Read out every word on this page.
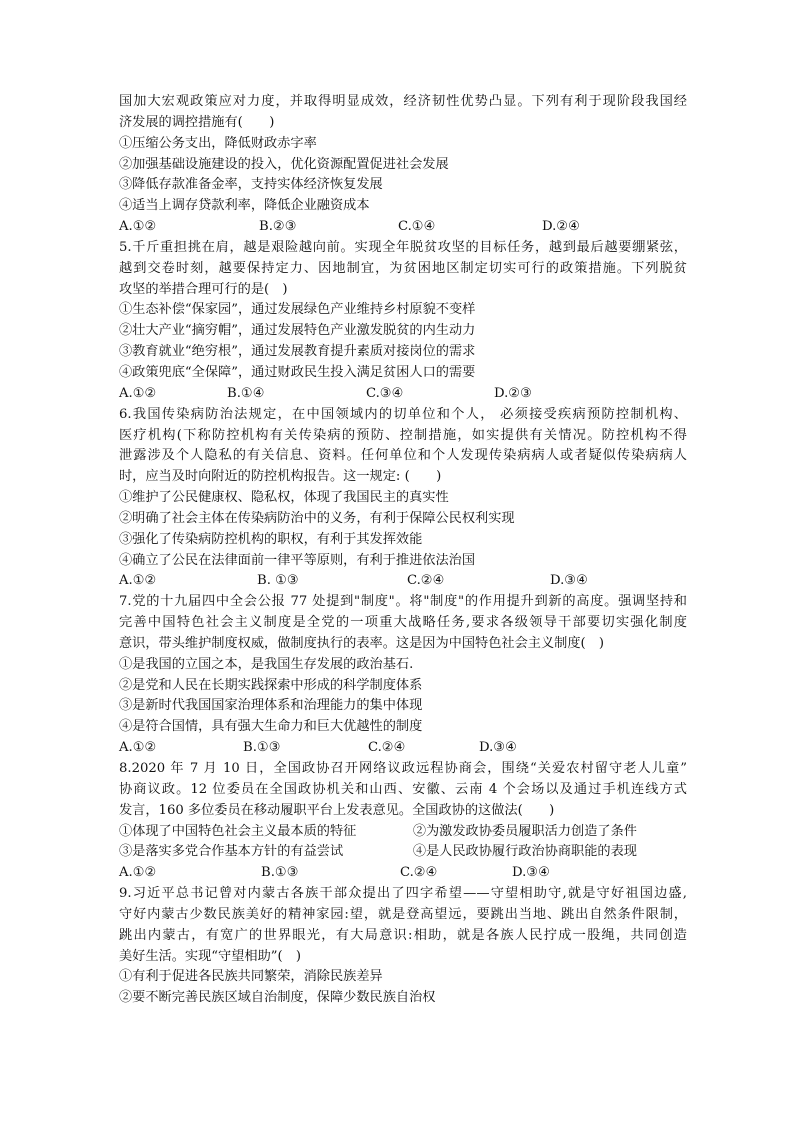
国加大宏观政策应对力度，并取得明显成效，经济韧性优势凸显。下列有利于现阶段我国经
济发展的调控措施有(　　)
①压缩公务支出，降低财政赤字率
②加强基础设施建设的投入，优化资源配置促进社会发展
③降低存款准备金率，支持实体经济恢复发展
④适当上调存贷款利率，降低企业融资成本
A.①②	B.②③	C.①④	D.②④
5.千斤重担挑在肩，越是艰险越向前。实现全年脱贫攻坚的目标任务，越到最后越要绷紧弦，
越到交卷时刻，越要保持定力、因地制宜，为贫困地区制定切实可行的政策措施。下列脱贫
攻坚的举措合理可行的是(　)
①生态补偿“保家园”，通过发展绿色产业维持乡村原貌不变样
②壮大产业“摘穷帽”，通过发展特色产业激发脱贫的内生动力
③教育就业“绝穷根”，通过发展教育提升素质对接岗位的需求
④政策兜底“全保障”，通过财政民生投入满足贫困人口的需要
A.①②	B.①④	C.③④	D.②③
6.我国传染病防治法规定，在中国领域内的切单位和个人， 必须接受疾病预防控制机构、
医疗机构(下称防控机构有关传染病的预防、控制措施，如实提供有关情况。防控机构不得
泄露涉及个人隐私的有关信息、资料。任何单位和个人发现传染病病人或者疑似传染病病人
时，应当及时向附近的防控机构报告。这一规定: (　　)
①维护了公民健康权、隐私权，体现了我国民主的真实性
②明确了社会主体在传染病防治中的义务，有利于保障公民权利实现
③强化了传染病防控机构的职权，有利于其发挥效能
④确立了公民在法律面前一律平等原则，有利于推进依法治国
A.①②	B. ①③	C.②④	D.③④
7.党的十九届四中全会公报 77 处提到"制度"。将"制度"的作用提升到新的高度。强调坚持和
完善中国特色社会主义制度是全党的一项重大战略任务,要求各级领导干部要切实强化制度
意识，带头维护制度权威，做制度执行的表率。这是因为中国特色社会主义制度(　)
①是我国的立国之本，是我国生存发展的政治基石.
②是党和人民在长期实践探索中形成的科学制度体系
③是新时代我国国家治理体系和治理能力的集中体现
④是符合国情，具有强大生命力和巨大优越性的制度
A.①②	B.①③	C.②④	D.③④
8.2020 年 7 月 10 日，全国政协召开网络议政远程协商会，围绕“关爱农村留守老人儿童”
协商议政。12 位委员在全国政协机关和山西、安徽、云南 4 个会场以及通过手机连线方式
发言，160 多位委员在移动履职平台上发表意见。全国政协的这做法(　　)
①体现了中国特色社会主义最本质的特征	②为激发政协委员履职活力创造了条件
③是落实多党合作基本方针的有益尝试	④是人民政协履行政治协商职能的表现
A.①②	B.①③	C.②④	D.③④
9.习近平总书记曾对内蒙古各族干部众提出了四字希望——守望相助守,就是守好祖国边盛,
守好内蒙古少数民族美好的精神家园:望，就是登高望远，要跳出当地、跳出自然条件限制，
跳出内蒙古，有宽广的世界眼光，有大局意识:相助，就是各族人民拧成一股绳，共同创造
美好生活。实现“守望相助”(　)
①有利于促进各民族共同繁荣，消除民族差异
②要不断完善民族区域自治制度，保障少数民族自治权
